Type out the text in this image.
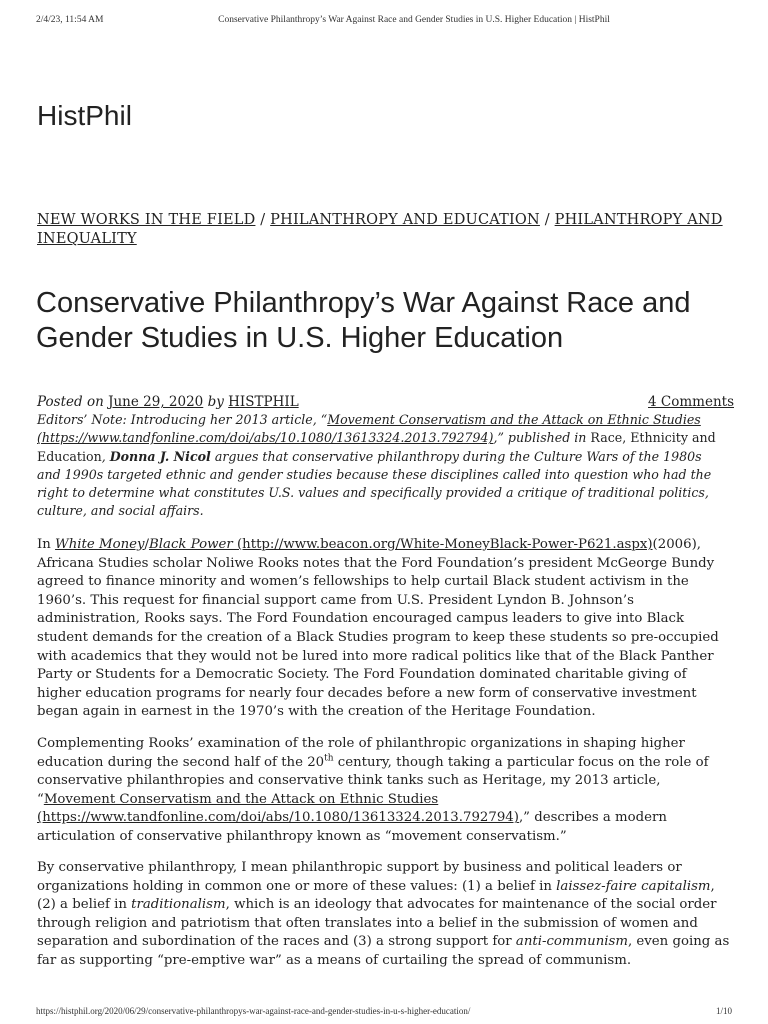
2/4/23, 11:54 AM	Conservative Philanthropy’s War Against Race and Gender Studies in U.S. Higher Education | HistPhil
HistPhil
NEW WORKS IN THE FIELD / PHILANTHROPY AND EDUCATION / PHILANTHROPY AND INEQUALITY
Conservative Philanthropy’s War Against Race and Gender Studies in U.S. Higher Education
Posted on June 29, 2020 by HISTPHIL	4 Comments

Editors’ Note: Introducing her 2013 article, “Movement Conservatism and the Attack on Ethnic Studies (https://www.tandfonline.com/doi/abs/10.1080/13613324.2013.792794),” published in Race, Ethnicity and Education, Donna J. Nicol argues that conservative philanthropy during the Culture Wars of the 1980s and 1990s targeted ethnic and gender studies because these disciplines called into question who had the right to determine what constitutes U.S. values and specifically provided a critique of traditional politics, culture, and social affairs.

In White Money/Black Power (http://www.beacon.org/White-MoneyBlack-Power-P621.aspx)(2006), Africana Studies scholar Noliwe Rooks notes that the Ford Foundation’s president McGeorge Bundy agreed to finance minority and women’s fellowships to help curtail Black student activism in the 1960’s. This request for financial support came from U.S. President Lyndon B. Johnson’s administration, Rooks says. The Ford Foundation encouraged campus leaders to give into Black student demands for the creation of a Black Studies program to keep these students so pre-occupied with academics that they would not be lured into more radical politics like that of the Black Panther Party or Students for a Democratic Society. The Ford Foundation dominated charitable giving of higher education programs for nearly four decades before a new form of conservative investment began again in earnest in the 1970’s with the creation of the Heritage Foundation.

Complementing Rooks’ examination of the role of philanthropic organizations in shaping higher education during the second half of the 20th century, though taking a particular focus on the role of conservative philanthropies and conservative think tanks such as Heritage, my 2013 article, “Movement Conservatism and the Attack on Ethnic Studies (https://www.tandfonline.com/doi/abs/10.1080/13613324.2013.792794),” describes a modern articulation of conservative philanthropy known as “movement conservatism.”

By conservative philanthropy, I mean philanthropic support by business and political leaders or organizations holding in common one or more of these values: (1) a belief in laissez-faire capitalism, (2) a belief in traditionalism, which is an ideology that advocates for maintenance of the social order through religion and patriotism that often translates into a belief in the submission of women and separation and subordination of the races and (3) a strong support for anti-communism, even going as far as supporting “pre-emptive war” as a means of curtailing the spread of communism.

https://histphil.org/2020/06/29/conservative-philanthropys-war-against-race-and-gender-studies-in-u-s-higher-education/	1/10
